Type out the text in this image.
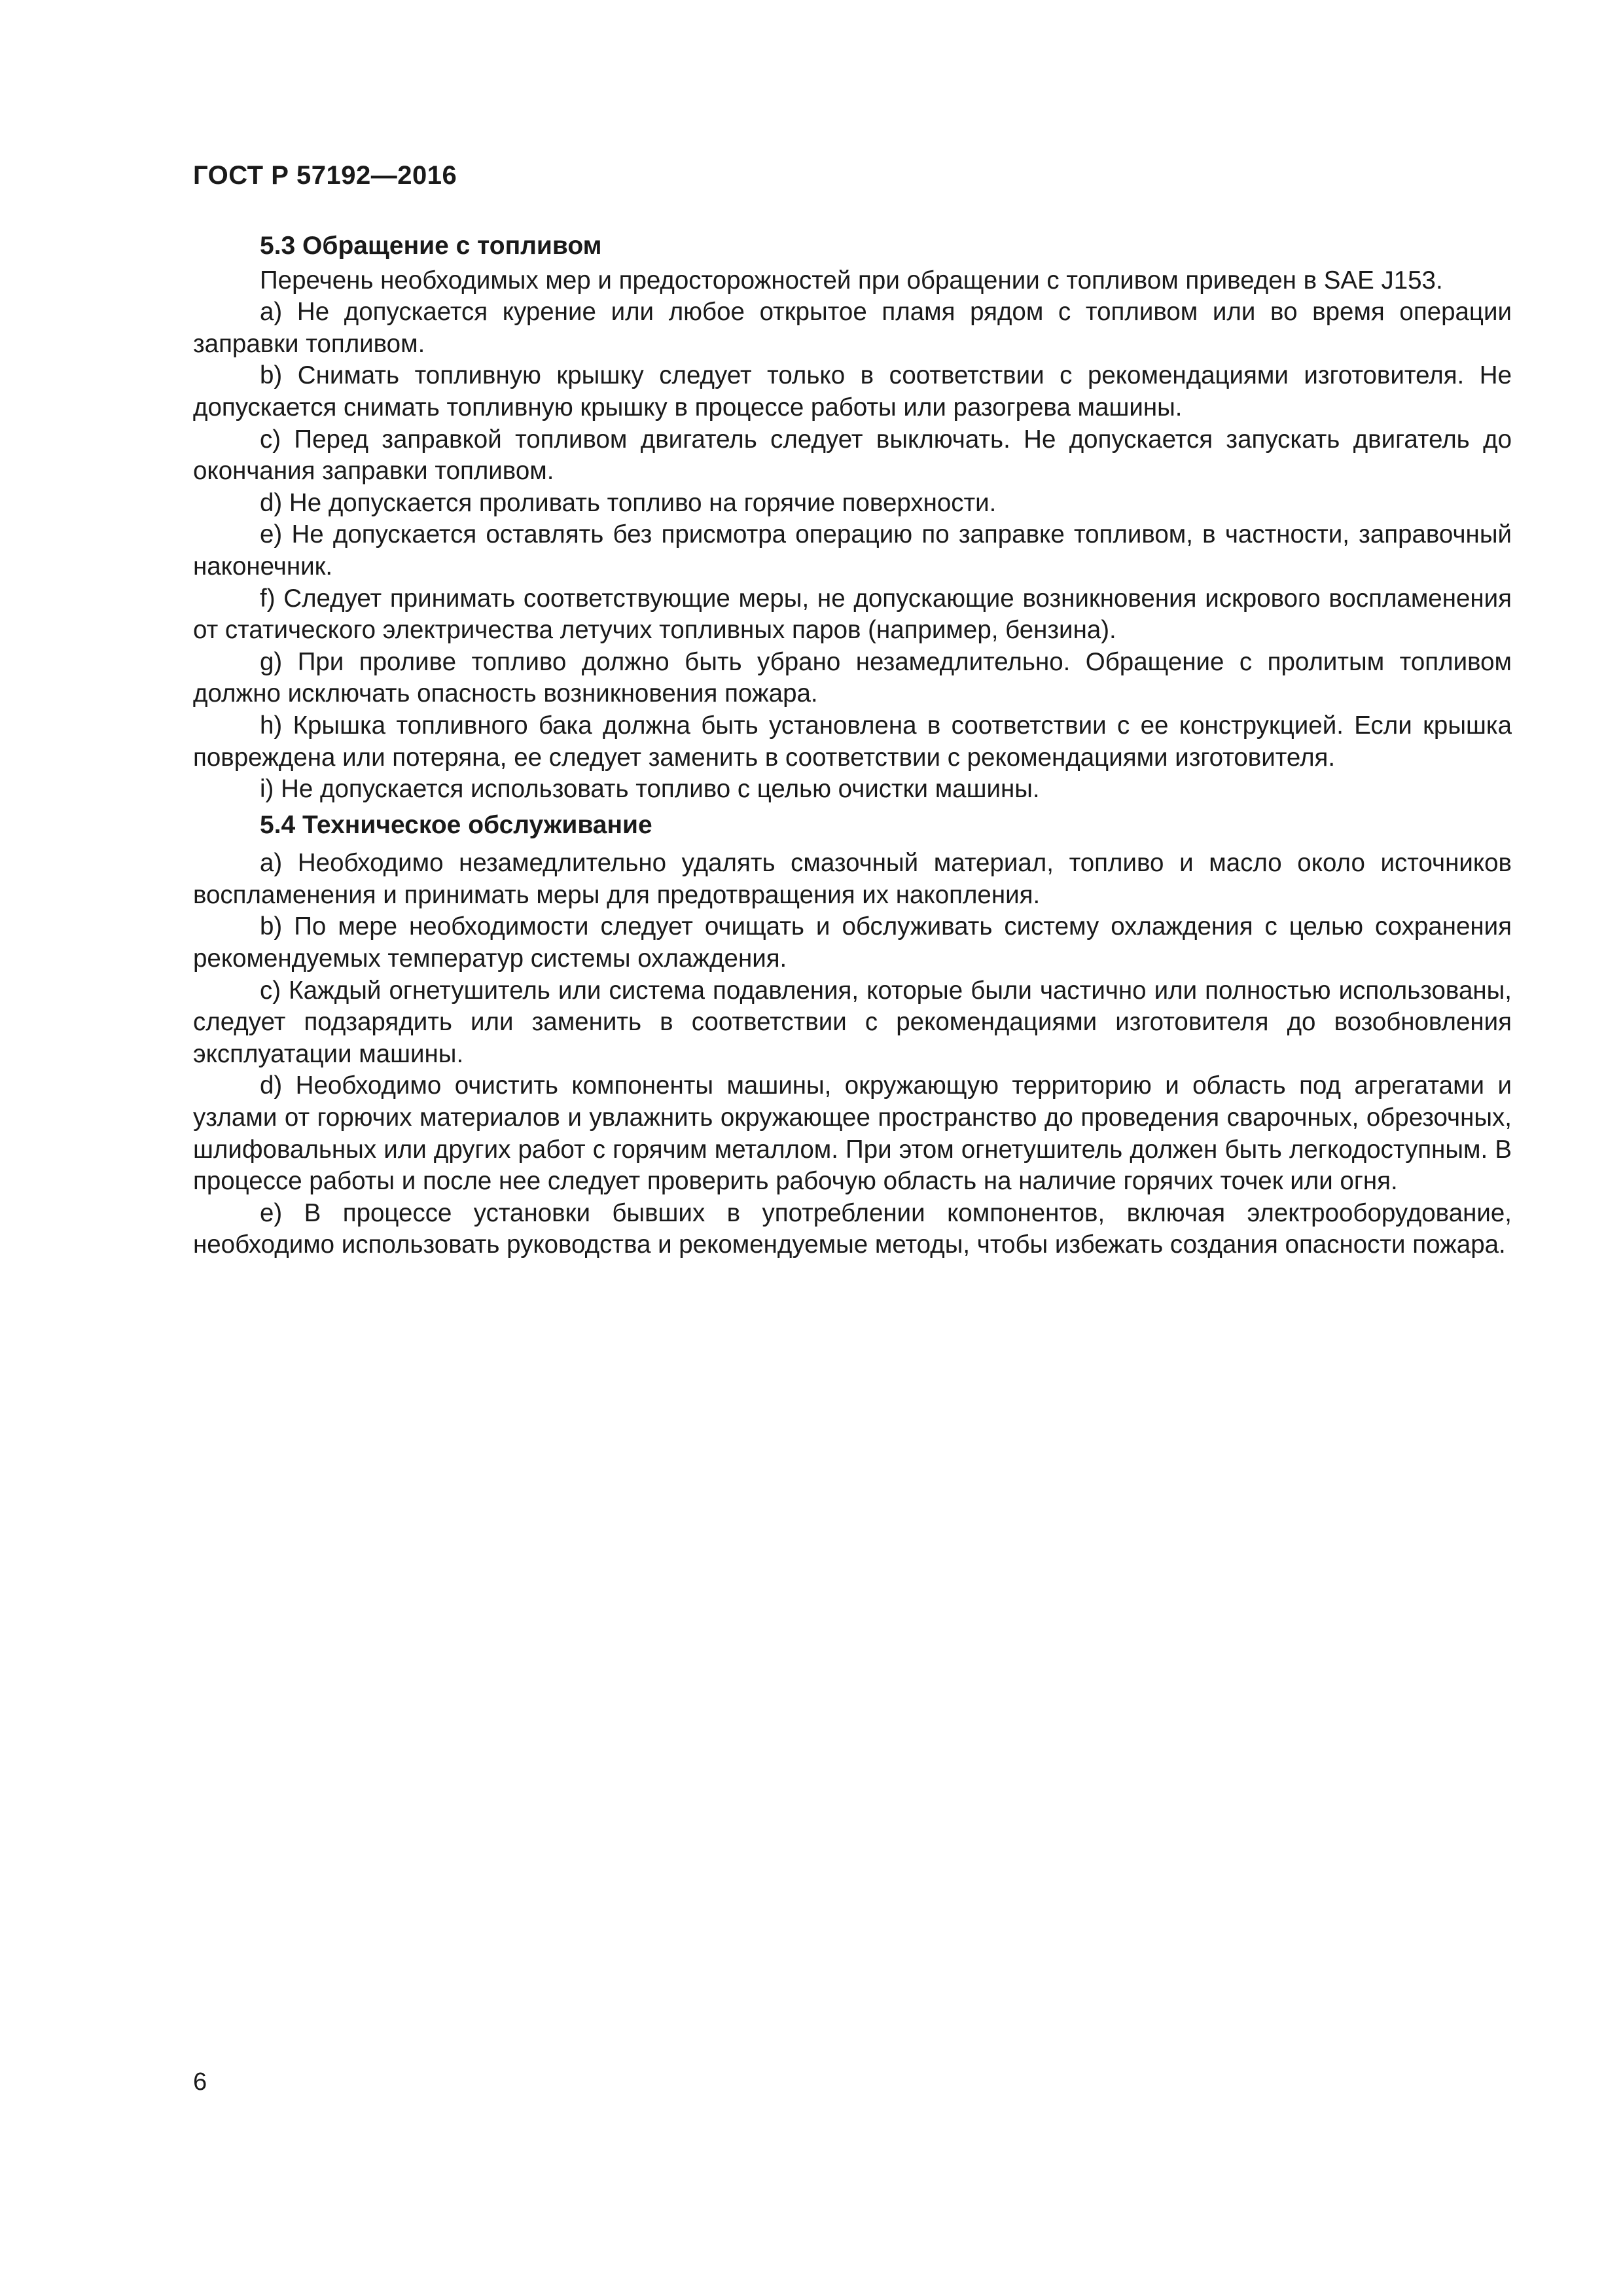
ГОСТ Р 57192—2016

5.3 Обращение с топливом

Перечень необходимых мер и предосторожностей при обращении с топливом приведен в SAE J153.

a) Не допускается курение или любое открытое пламя рядом с топливом или во время операции заправки топливом.

b) Снимать топливную крышку следует только в соответствии с рекомендациями изготовителя. Не допускается снимать топливную крышку в процессе работы или разогрева машины.

c) Перед заправкой топливом двигатель следует выключать. Не допускается запускать двигатель до окончания заправки топливом.

d) Не допускается проливать топливо на горячие поверхности.

e) Не допускается оставлять без присмотра операцию по заправке топливом, в частности, заправочный наконечник.

f) Следует принимать соответствующие меры, не допускающие возникновения искрового воспламенения от статического электричества летучих топливных паров (например, бензина).

g) При проливе топливо должно быть убрано незамедлительно. Обращение с пролитым топливом должно исключать опасность возникновения пожара.

h) Крышка топливного бака должна быть установлена в соответствии с ее конструкцией. Если крышка повреждена или потеряна, ее следует заменить в соответствии с рекомендациями изготовителя.

i) Не допускается использовать топливо с целью очистки машины.

5.4 Техническое обслуживание

a) Необходимо незамедлительно удалять смазочный материал, топливо и масло около источников воспламенения и принимать меры для предотвращения их накопления.

b) По мере необходимости следует очищать и обслуживать систему охлаждения с целью сохранения рекомендуемых температур системы охлаждения.

c) Каждый огнетушитель или система подавления, которые были частично или полностью использованы, следует подзарядить или заменить в соответствии с рекомендациями изготовителя до возобновления эксплуатации машины.

d) Необходимо очистить компоненты машины, окружающую территорию и область под агрегатами и узлами от горючих материалов и увлажнить окружающее пространство до проведения сварочных, обрезочных, шлифовальных или других работ с горячим металлом. При этом огнетушитель должен быть легкодоступным. В процессе работы и после нее следует проверить рабочую область на наличие горячих точек или огня.

e) В процессе установки бывших в употреблении компонентов, включая электрооборудование, необходимо использовать руководства и рекомендуемые методы, чтобы избежать создания опасности пожара.

6
